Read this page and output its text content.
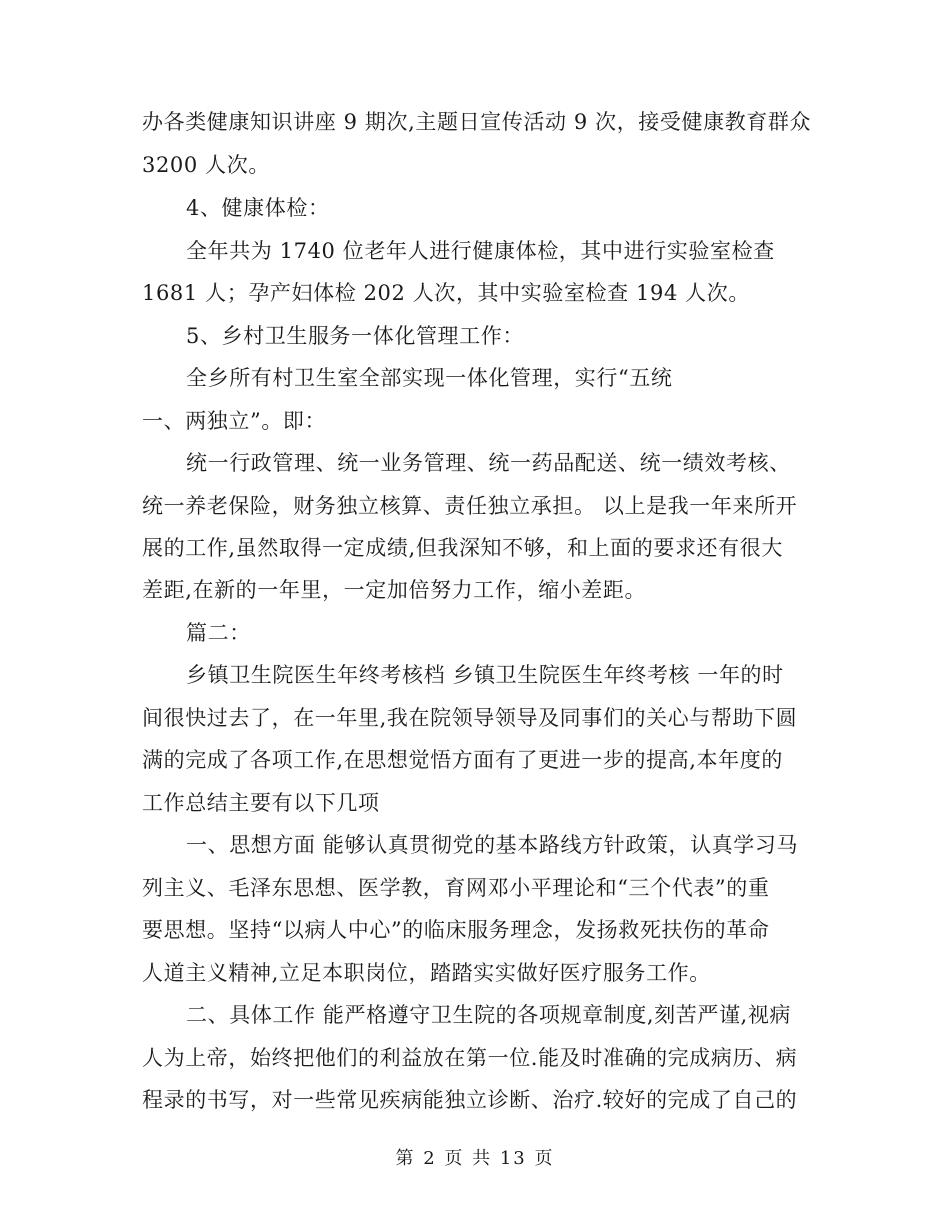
办各类健康知识讲座 9 期次,主题日宣传活动 9 次，接受健康教育群众
3200 人次。
4、健康体检：
全年共为 1740 位老年人进行健康体检，其中进行实验室检查
1681 人；孕产妇体检 202 人次，其中实验室检查 194 人次。
5、乡村卫生服务一体化管理工作：
全乡所有村卫生室全部实现一体化管理，实行“五统
一、两独立”。即：
统一行政管理、统一业务管理、统一药品配送、统一绩效考核、
统一养老保险，财务独立核算、责任独立承担。 以上是我一年来所开
展的工作,虽然取得一定成绩,但我深知不够，和上面的要求还有很大
差距,在新的一年里，一定加倍努力工作，缩小差距。
篇二：
乡镇卫生院医生年终考核档 乡镇卫生院医生年终考核 一年的时
间很快过去了，在一年里,我在院领导领导及同事们的关心与帮助下圆
满的完成了各项工作,在思想觉悟方面有了更进一步的提高,本年度的
工作总结主要有以下几项
一、思想方面 能够认真贯彻党的基本路线方针政策，认真学习马
列主义、毛泽东思想、医学教，育网邓小平理论和“三个代表”的重
要思想。坚持“以病人中心”的临床服务理念，发扬救死扶伤的革命
人道主义精神,立足本职岗位，踏踏实实做好医疗服务工作。
二、具体工作 能严格遵守卫生院的各项规章制度,刻苦严谨,视病
人为上帝，始终把他们的利益放在第一位.能及时准确的完成病历、病
程录的书写，对一些常见疾病能独立诊断、治疗.较好的完成了自己的
第 2 页 共 13 页
